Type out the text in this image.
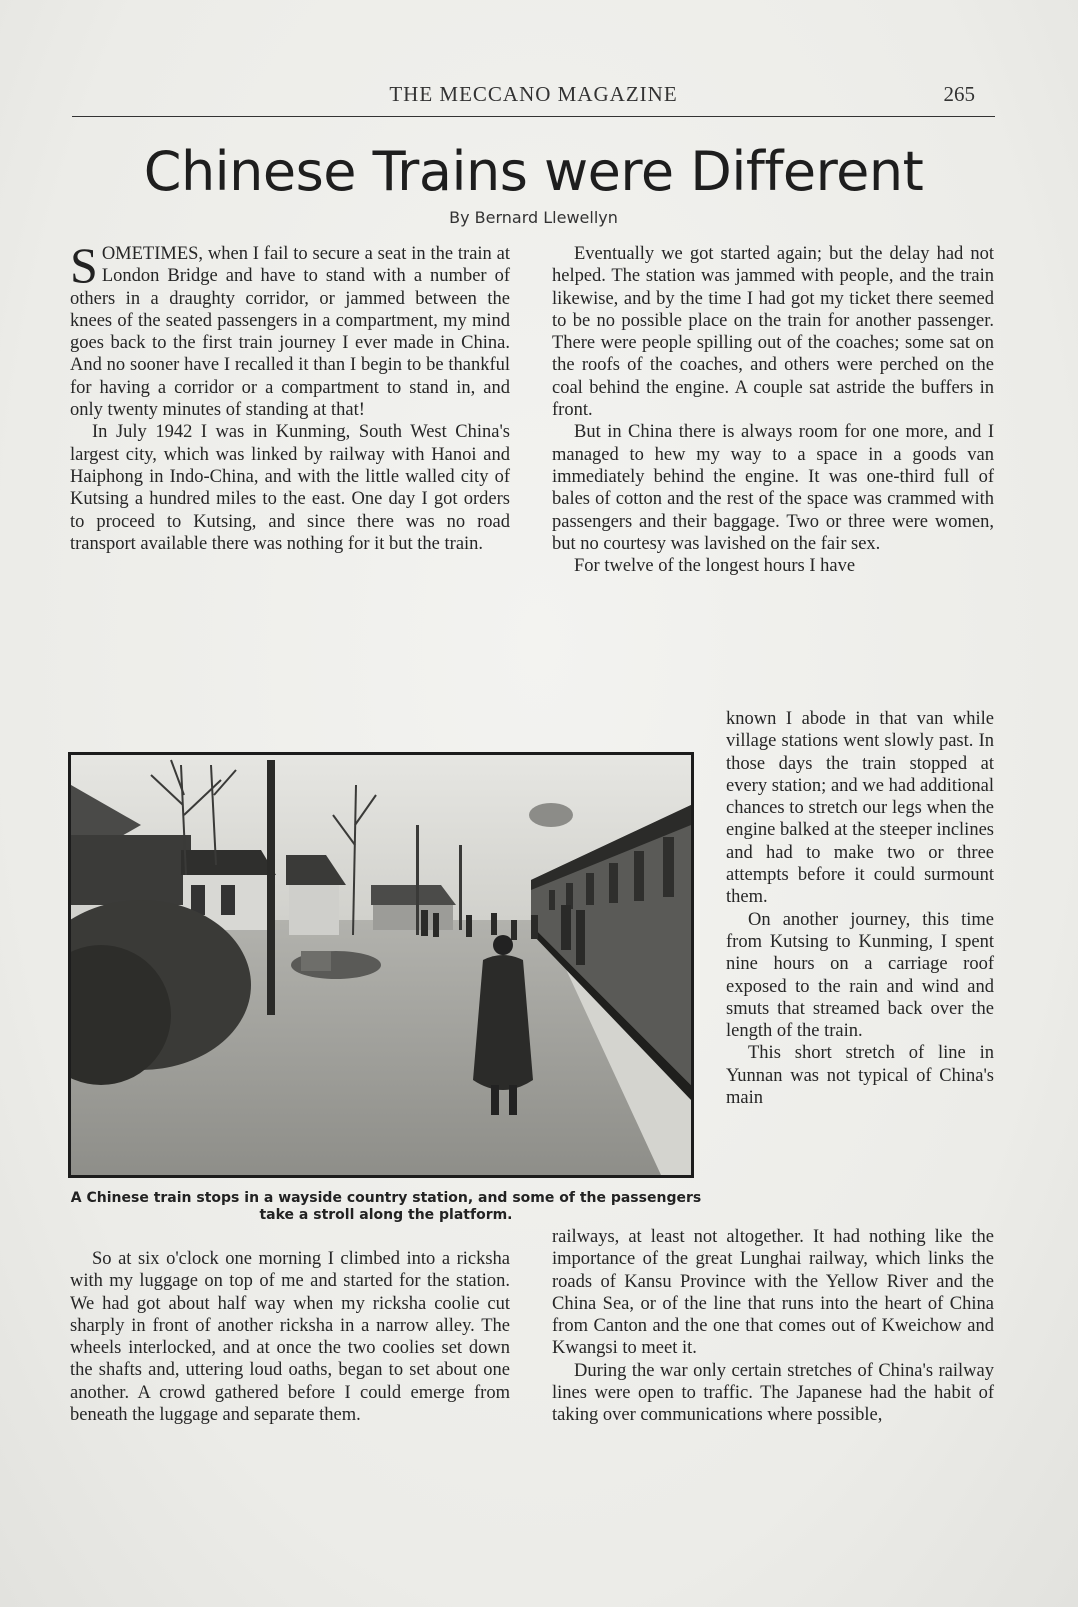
THE MECCANO MAGAZINE	265
Chinese Trains were Different
By Bernard Llewellyn

SOMETIMES, when I fail to secure a seat in the train at London Bridge and have to stand with a number of others in a draughty corridor, or jammed between the knees of the seated passengers in a compartment, my mind goes back to the first train journey I ever made in China. And no sooner have I recalled it than I begin to be thankful for having a corridor or a compartment to stand in, and only twenty minutes of standing at that!

In July 1942 I was in Kunming, South West China's largest city, which was linked by railway with Hanoi and Haiphong in Indo-China, and with the little walled city of Kutsing a hundred miles to the east. One day I got orders to proceed to Kutsing, and since there was no road transport available there was nothing for it but the train.

Eventually we got started again; but the delay had not helped. The station was jammed with people, and the train likewise, and by the time I had got my ticket there seemed to be no possible place on the train for another passenger. There were people spilling out of the coaches; some sat on the roofs of the coaches, and others were perched on the coal behind the engine. A couple sat astride the buffers in front.

But in China there is always room for one more, and I managed to hew my way to a space in a goods van immediately behind the engine. It was one-third full of bales of cotton and the rest of the space was crammed with passengers and their baggage. Two or three were women, but no courtesy was lavished on the fair sex.

For twelve of the longest hours I have

known I abode in that van while village stations went slowly past. In those days the train stopped at every station; and we had additional chances to stretch our legs when the engine balked at the steeper inclines and had to make two or three attempts before it could surmount them.

On another journey, this time from Kutsing to Kunming, I spent nine hours on a carriage roof exposed to the rain and wind and smuts that streamed back over the length of the train.

This short stretch of line in Yunnan was not typical of China's main

A Chinese train stops in a wayside country station, and some of the passengers
take a stroll along the platform.

railways, at least not altogether. It had nothing like the importance of the great Lunghai railway, which links the roads of Kansu Province with the Yellow River and the China Sea, or of the line that runs into the heart of China from Canton and the one that comes out of Kweichow and Kwangsi to meet it.

During the war only certain stretches of China's railway lines were open to traffic. The Japanese had the habit of taking over communications where possible,

So at six o'clock one morning I climbed into a ricksha with my luggage on top of me and started for the station. We had got about half way when my ricksha coolie cut sharply in front of another ricksha in a narrow alley. The wheels interlocked, and at once the two coolies set down the shafts and, uttering loud oaths, began to set about one another. A crowd gathered before I could emerge from beneath the luggage and separate them.
